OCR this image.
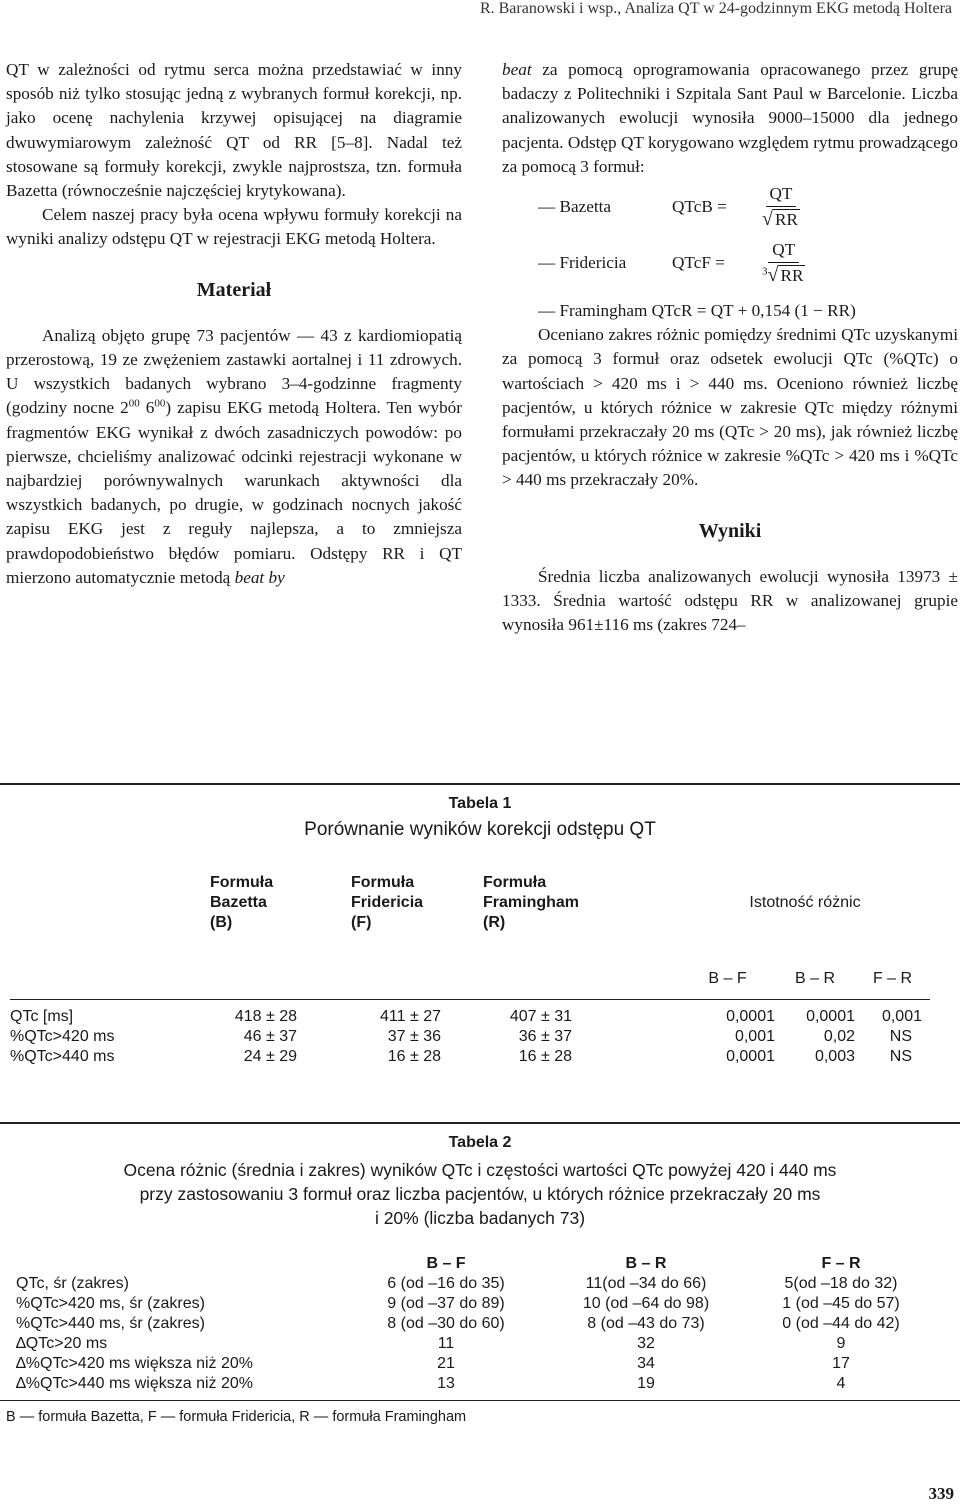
R. Baranowski i wsp., Analiza QT w 24-godzinnym EKG metodą Holtera

QT w zależności od rytmu serca można przedstawiać w inny sposób niż tylko stosując jedną z wybranych formuł korekcji, np. jako ocenę nachylenia krzywej opisującej na diagramie dwuwymiarowym zależność QT od RR [5–8]. Nadal też stosowane są formuły korekcji, zwykle najprostsza, tzn. formuła Bazetta (równocześnie najczęściej krytykowana).

Celem naszej pracy była ocena wpływu formuły korekcji na wyniki analizy odstępu QT w rejestracji EKG metodą Holtera.

Materiał

Analizą objęto grupę 73 pacjentów — 43 z kardiomiopatią przerostową, 19 ze zwężeniem zastawki aortalnej i 11 zdrowych. U wszystkich badanych wybrano 3–4-godzinne fragmenty (godziny nocne $2^{00}$ $6^{00}$) zapisu EKG metodą Holtera. Ten wybór fragmentów EKG wynikał z dwóch zasadniczych powodów: po pierwsze, chcieliśmy analizować odcinki rejestracji wykonane w najbardziej porównywalnych warunkach aktywności dla wszystkich badanych, po drugie, w godzinach nocnych jakość zapisu EKG jest z reguły najlepsza, a to zmniejsza prawdopodobieństwo błędów pomiaru. Odstępy RR i QT mierzono automatycznie metodą beat by

beat za pomocą oprogramowania opracowanego przez grupę badaczy z Politechniki i Szpitala Sant Paul w Barcelonie. Liczba analizowanych ewolucji wynosiła 9000–15000 dla jednego pacjenta. Odstęp QT korygowano względem rytmu prowadzącego za pomocą 3 formuł:

— Bazetta	QTcB =	$\frac{QT}{√ RR}$
— Fridericia	QTcF =	$\frac{QT}{^3√ RR}$

— Framingham QTcR = QT + 0,154 (1 − RR)

Oceniano zakres różnic pomiędzy średnimi QTc uzyskanymi za pomocą 3 formuł oraz odsetek ewolucji QTc (%QTc) o wartościach > 420 ms i > 440 ms. Oceniono również liczbę pacjentów, u których różnice w zakresie QTc między różnymi formułami przekraczały 20 ms (QTc > 20 ms), jak również liczbę pacjentów, u których różnice w zakresie %QTc > 420 ms i %QTc > 440 ms przekraczały 20%.

Wyniki

Średnia liczba analizowanych ewolucji wynosiła 13973 ± 1333. Średnia wartość odstępu RR w analizowanej grupie wynosiła 961±116 ms (zakres 724–

Tabela 1
Porównanie wyników korekcji odstępu QT
	Formuła
Bazetta
(B)	Formuła
Fridericia
(F)	Formuła
Framingham
(R)	Istotność różnic		

				B – F	B – R	F – R

QTc [ms]	418 ± 28	411 ± 27	407 ± 31	0,0001	0,0001	0,001
%QTc>420 ms	46 ± 37	37 ± 36	36 ± 37	0,001	0,02	NS
%QTc>440 ms	24 ± 29	16 ± 28	16 ± 28	0,0001	0,003	NS
Tabela 2
Ocena różnic (średnia i zakres) wyników QTc i częstości wartości QTc powyżej 420 i 440 ms
przy zastosowaniu 3 formuł oraz liczba pacjentów, u których różnice przekraczały 20 ms
i 20% (liczba badanych 73)
	B – F	B – R	F – R
QTc, śr (zakres)	6 (od –16 do 35)	11(od –34 do 66)	5(od –18 do 32)
%QTc>420 ms, śr (zakres)	9 (od –37 do 89)	10 (od –64 do 98)	1 (od –45 do 57)
%QTc>440 ms, śr (zakres)	8 (od –30 do 60)	8 (od –43 do 73)	0 (od –44 do 42)
∆QTc>20 ms	11	32	9
∆%QTc>420 ms większa niż 20%	21	34	17
∆%QTc>440 ms większa niż 20%	13	19	4
B — formuła Bazetta, F — formuła Fridericia, R — formuła Framingham
339
